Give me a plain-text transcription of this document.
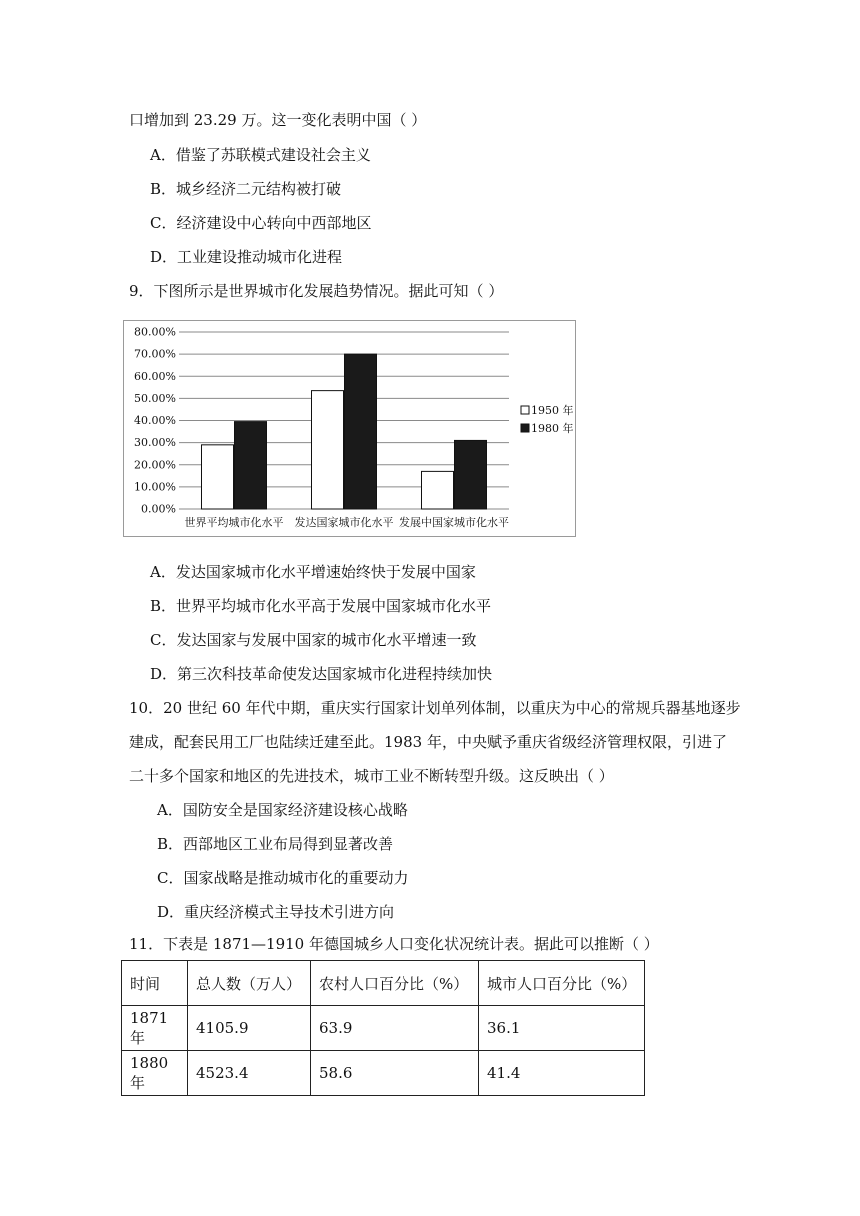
口增加到 23.29 万。这一变化表明中国（ ）
A．借鉴了苏联模式建设社会主义
B．城乡经济二元结构被打破
C．经济建设中心转向中西部地区
D．工业建设推动城市化进程
9．下图所示是世界城市化发展趋势情况。据此可知（ ）
0.00%
10.00%
20.00%
30.00%
40.00%
50.00%
60.00%
70.00%
80.00%
世界平均城市化水平 发达国家城市化水平 发展中国家城市化水平
1950 年
1980 年
A．发达国家城市化水平增速始终快于发展中国家
B．世界平均城市化水平高于发展中国家城市化水平
C．发达国家与发展中国家的城市化水平增速一致
D．第三次科技革命使发达国家城市化进程持续加快
10．20 世纪 60 年代中期，重庆实行国家计划单列体制，以重庆为中心的常规兵器基地逐步
建成，配套民用工厂也陆续迁建至此。1983 年，中央赋予重庆省级经济管理权限，引进了
二十多个国家和地区的先进技术，城市工业不断转型升级。这反映出（ ）
A．国防安全是国家经济建设核心战略
B．西部地区工业布局得到显著改善
C．国家战略是推动城市化的重要动力
D．重庆经济模式主导技术引进方向
11．下表是 1871—1910 年德国城乡人口变化状况统计表。据此可以推断（ ）
时间	总人数（万人）	农村人口百分比（%）	城市人口百分比（%）
1871 年	4105.9	63.9	36.1
1880 年	4523.4	58.6	41.4
